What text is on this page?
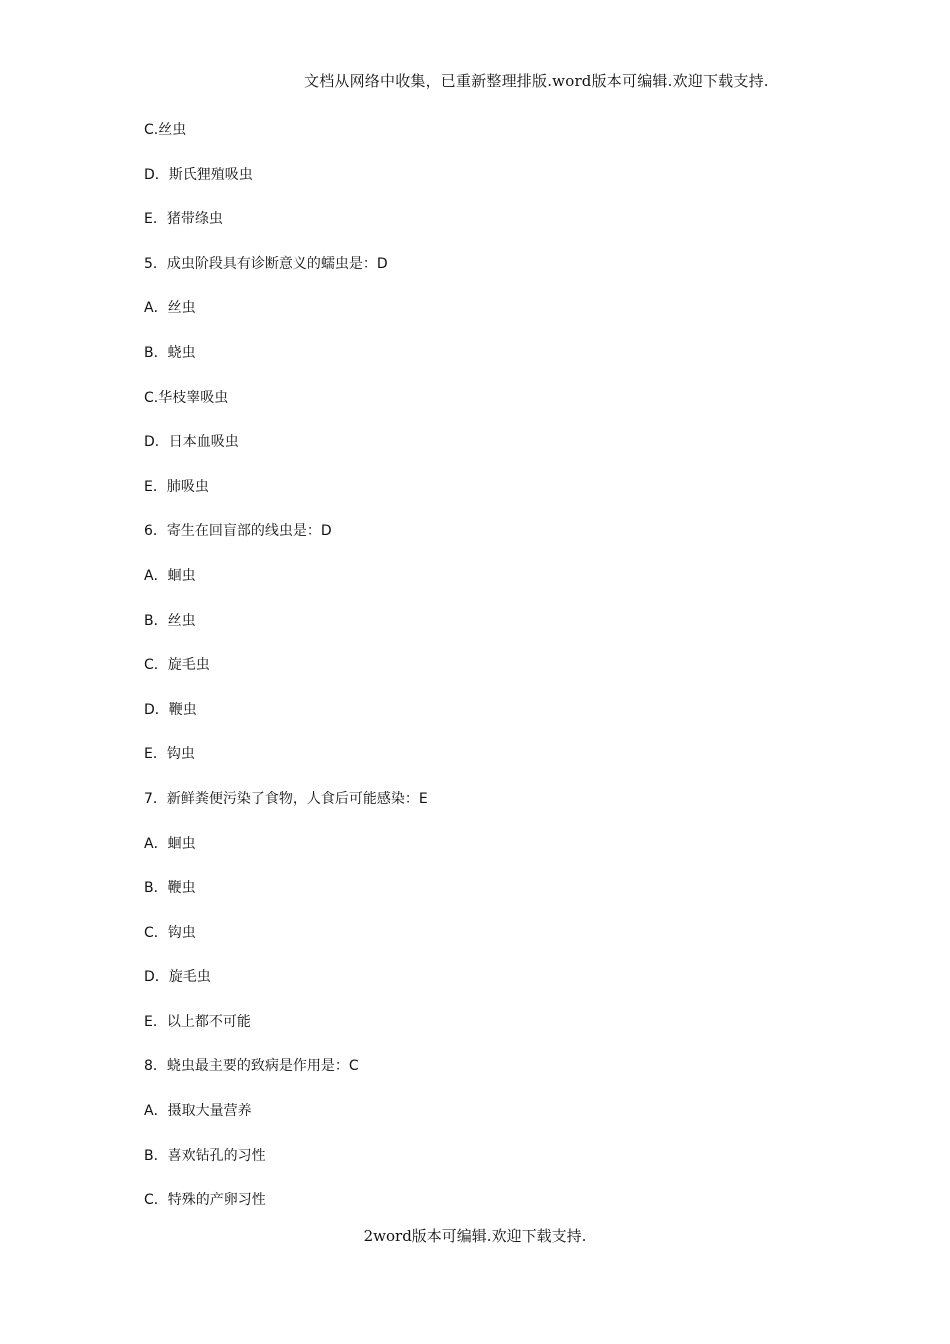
文档从网络中收集，已重新整理排版.word版本可编辑.欢迎下载支持.
C.丝虫
D．斯氏狸殖吸虫
E．猪带绦虫
5．成虫阶段具有诊断意义的蠕虫是：D
A．丝虫
B．蛲虫
C.华枝睾吸虫
D．日本血吸虫
E．肺吸虫
6．寄生在回盲部的线虫是：D
A．蛔虫
B．丝虫
C．旋毛虫
D．鞭虫
E．钩虫
7．新鲜粪便污染了食物，人食后可能感染：E
A．蛔虫
B．鞭虫
C．钩虫
D．旋毛虫
E．以上都不可能
8．蛲虫最主要的致病是作用是：C
A．摄取大量营养
B．喜欢钻孔的习性
C．特殊的产卵习性
2word版本可编辑.欢迎下载支持.
